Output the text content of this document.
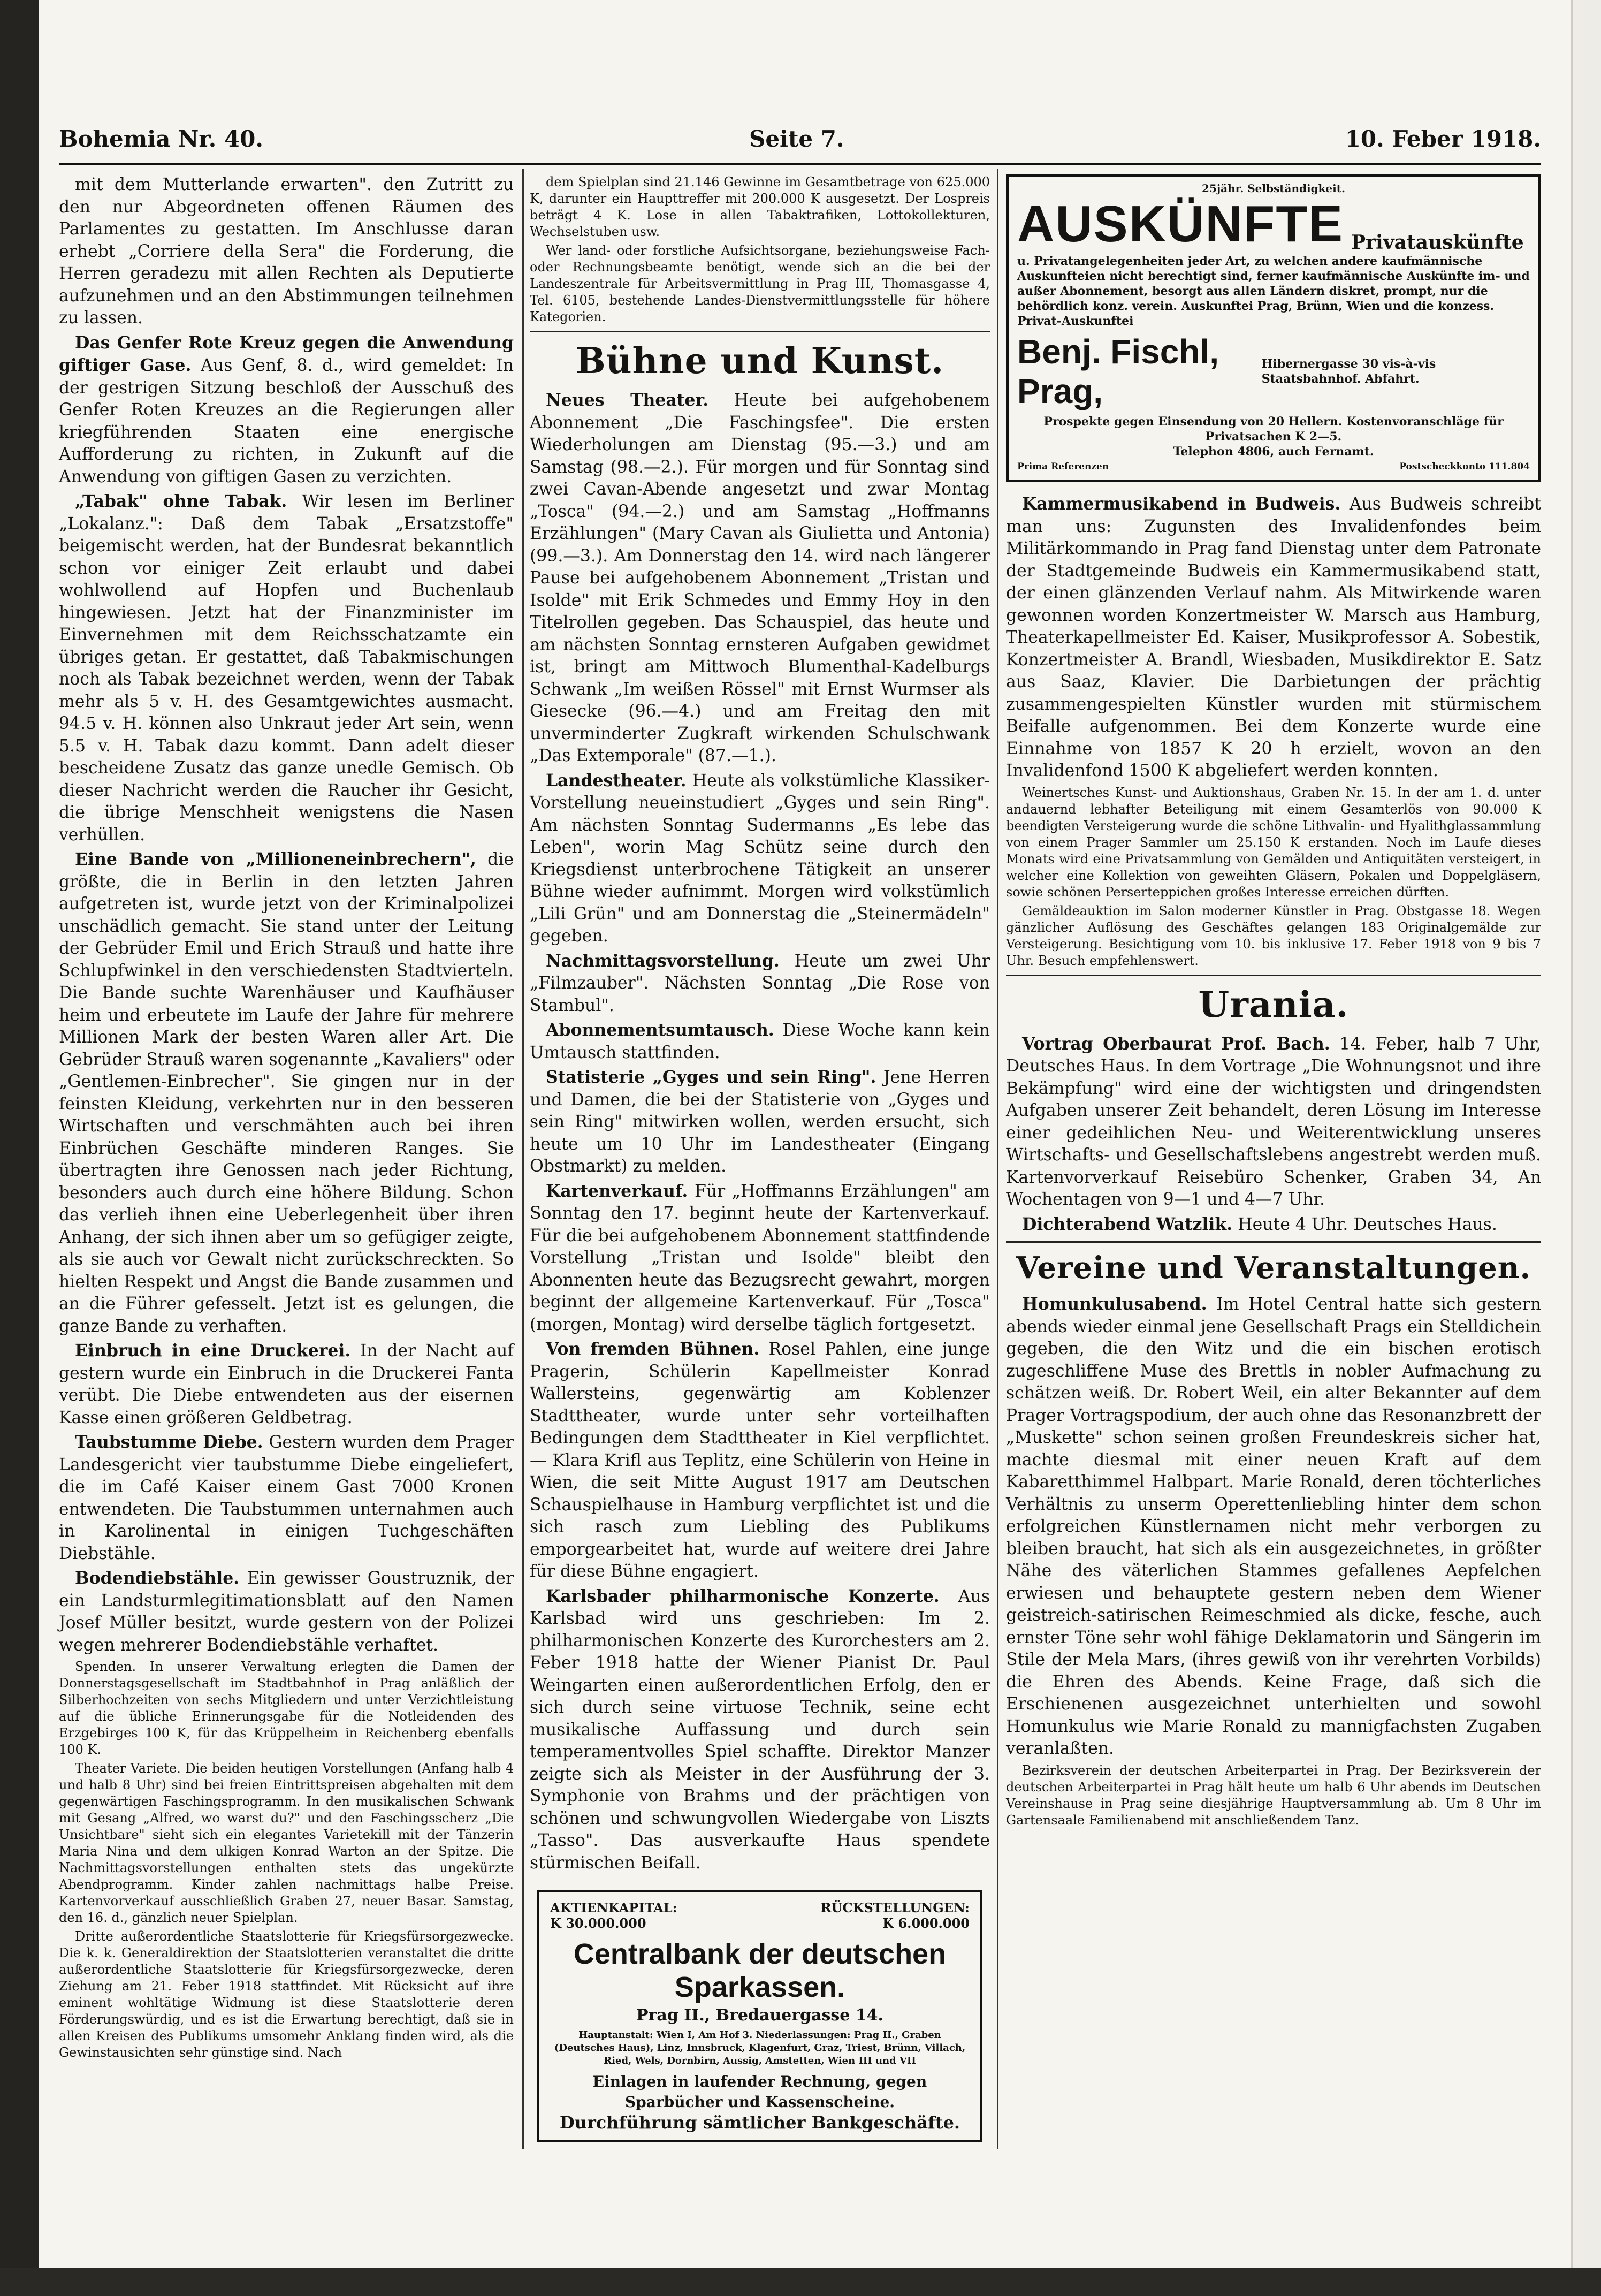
Bohemia Nr. 40.	Seite 7.	10. Feber 1918.

mit dem Mutterlande erwarten". den Zutritt zu den nur Abgeordneten offenen Räumen des Parlamentes zu gestatten. Im Anschlusse daran erhebt „Corriere della Sera" die Forderung, die Herren geradezu mit allen Rechten als Deputierte aufzunehmen und an den Abstimmungen teilnehmen zu lassen.

Das Genfer Rote Kreuz gegen die Anwendung giftiger Gase. Aus Genf, 8. d., wird gemeldet: In der gestrigen Sitzung beschloß der Ausschuß des Genfer Roten Kreuzes an die Regierungen aller kriegführenden Staaten eine energische Aufforderung zu richten, in Zukunft auf die Anwendung von giftigen Gasen zu verzichten.

„Tabak" ohne Tabak. Wir lesen im Berliner „Lokalanz.": Daß dem Tabak „Ersatzstoffe" beigemischt werden, hat der Bundesrat bekanntlich schon vor einiger Zeit erlaubt und dabei wohlwollend auf Hopfen und Buchenlaub hingewiesen. Jetzt hat der Finanzminister im Einvernehmen mit dem Reichsschatzamte ein übriges getan. Er gestattet, daß Tabakmischungen noch als Tabak bezeichnet werden, wenn der Tabak mehr als 5 v. H. des Gesamtgewichtes ausmacht. 94.5 v. H. können also Unkraut jeder Art sein, wenn 5.5 v. H. Tabak dazu kommt. Dann adelt dieser bescheidene Zusatz das ganze unedle Gemisch. Ob dieser Nachricht werden die Raucher ihr Gesicht, die übrige Menschheit wenigstens die Nasen verhüllen.

Eine Bande von „Millioneneinbrechern", die größte, die in Berlin in den letzten Jahren aufgetreten ist, wurde jetzt von der Kriminalpolizei unschädlich gemacht. Sie stand unter der Leitung der Gebrüder Emil und Erich Strauß und hatte ihre Schlupfwinkel in den verschiedensten Stadtvierteln. Die Bande suchte Warenhäuser und Kaufhäuser heim und erbeutete im Laufe der Jahre für mehrere Millionen Mark der besten Waren aller Art. Die Gebrüder Strauß waren sogenannte „Kavaliers" oder „Gentlemen-Einbrecher". Sie gingen nur in der feinsten Kleidung, verkehrten nur in den besseren Wirtschaften und verschmähten auch bei ihren Einbrüchen Geschäfte minderen Ranges. Sie übertragten ihre Genossen nach jeder Richtung, besonders auch durch eine höhere Bildung. Schon das verlieh ihnen eine Ueberlegenheit über ihren Anhang, der sich ihnen aber um so gefügiger zeigte, als sie auch vor Gewalt nicht zurückschreckten. So hielten Respekt und Angst die Bande zusammen und an die Führer gefesselt. Jetzt ist es gelungen, die ganze Bande zu verhaften.

Einbruch in eine Druckerei. In der Nacht auf gestern wurde ein Einbruch in die Druckerei Fanta verübt. Die Diebe entwendeten aus der eisernen Kasse einen größeren Geldbetrag.

Taubstumme Diebe. Gestern wurden dem Prager Landesgericht vier taubstumme Diebe eingeliefert, die im Café Kaiser einem Gast 7000 Kronen entwendeten. Die Taubstummen unternahmen auch in Karolinental in einigen Tuchgeschäften Diebstähle.

Bodendiebstähle. Ein gewisser Goustruznik, der ein Landsturmlegitimationsblatt auf den Namen Josef Müller besitzt, wurde gestern von der Polizei wegen mehrerer Bodendiebstähle verhaftet.

Spenden. In unserer Verwaltung erlegten die Damen der Donnerstagsgesellschaft im Stadtbahnhof in Prag anläßlich der Silberhochzeiten von sechs Mitgliedern und unter Verzichtleistung auf die übliche Erinnerungsgabe für die Notleidenden des Erzgebirges 100 K, für das Krüppelheim in Reichenberg ebenfalls 100 K.

Theater Variete. Die beiden heutigen Vorstellungen (Anfang halb 4 und halb 8 Uhr) sind bei freien Eintrittspreisen abgehalten mit dem gegenwärtigen Faschingsprogramm. In den musikalischen Schwank mit Gesang „Alfred, wo warst du?" und den Faschingsscherz „Die Unsichtbare" sieht sich ein elegantes Varietekill mit der Tänzerin Maria Nina und dem ulkigen Konrad Warton an der Spitze. Die Nachmittagsvorstellungen enthalten stets das ungekürzte Abendprogramm. Kinder zahlen nachmittags halbe Preise. Kartenvorverkauf ausschließlich Graben 27, neuer Basar. Samstag, den 16. d., gänzlich neuer Spielplan.

Dritte außerordentliche Staatslotterie für Kriegsfürsorgezwecke. Die k. k. Generaldirektion der Staatslotterien veranstaltet die dritte außerordentliche Staatslotterie für Kriegsfürsorgezwecke, deren Ziehung am 21. Feber 1918 stattfindet. Mit Rücksicht auf ihre eminent wohltätige Widmung ist diese Staatslotterie deren Förderungswürdig, und es ist die Erwartung berechtigt, daß sie in allen Kreisen des Publikums umsomehr Anklang finden wird, als die Gewinstausichten sehr günstige sind. Nach

dem Spielplan sind 21.146 Gewinne im Gesamtbetrage von 625.000 K, darunter ein Haupttreffer mit 200.000 K ausgesetzt. Der Lospreis beträgt 4 K. Lose in allen Tabaktrafiken, Lottokollekturen, Wechselstuben usw.

Wer land- oder forstliche Aufsichtsorgane, beziehungsweise Fach- oder Rechnungsbeamte benötigt, wende sich an die bei der Landeszentrale für Arbeitsvermittlung in Prag III, Thomasgasse 4, Tel. 6105, bestehende Landes-Dienstvermittlungsstelle für höhere Kategorien.

Bühne und Kunst.

Neues Theater. Heute bei aufgehobenem Abonnement „Die Faschingsfee". Die ersten Wiederholungen am Dienstag (95.—3.) und am Samstag (98.—2.). Für morgen und für Sonntag sind zwei Cavan-Abende angesetzt und zwar Montag „Tosca" (94.—2.) und am Samstag „Hoffmanns Erzählungen" (Mary Cavan als Giulietta und Antonia) (99.—3.). Am Donnerstag den 14. wird nach längerer Pause bei aufgehobenem Abonnement „Tristan und Isolde" mit Erik Schmedes und Emmy Hoy in den Titelrollen gegeben. Das Schauspiel, das heute und am nächsten Sonntag ernsteren Aufgaben gewidmet ist, bringt am Mittwoch Blumenthal-Kadelburgs Schwank „Im weißen Rössel" mit Ernst Wurmser als Giesecke (96.—4.) und am Freitag den mit unverminderter Zugkraft wirkenden Schulschwank „Das Extemporale" (87.—1.).

Landestheater. Heute als volkstümliche Klassiker-Vorstellung neueinstudiert „Gyges und sein Ring". Am nächsten Sonntag Sudermanns „Es lebe das Leben", worin Mag Schütz seine durch den Kriegsdienst unterbrochene Tätigkeit an unserer Bühne wieder aufnimmt. Morgen wird volkstümlich „Lili Grün" und am Donnerstag die „Steinermädeln" gegeben.

Nachmittagsvorstellung. Heute um zwei Uhr „Filmzauber". Nächsten Sonntag „Die Rose von Stambul".

Abonnementsumtausch. Diese Woche kann kein Umtausch stattfinden.

Statisterie „Gyges und sein Ring". Jene Herren und Damen, die bei der Statisterie von „Gyges und sein Ring" mitwirken wollen, werden ersucht, sich heute um 10 Uhr im Landestheater (Eingang Obstmarkt) zu melden.

Kartenverkauf. Für „Hoffmanns Erzählungen" am Sonntag den 17. beginnt heute der Kartenverkauf. Für die bei aufgehobenem Abonnement stattfindende Vorstellung „Tristan und Isolde" bleibt den Abonnenten heute das Bezugsrecht gewahrt, morgen beginnt der allgemeine Kartenverkauf. Für „Tosca" (morgen, Montag) wird derselbe täglich fortgesetzt.

Von fremden Bühnen. Rosel Pahlen, eine junge Pragerin, Schülerin Kapellmeister Konrad Wallersteins, gegenwärtig am Koblenzer Stadttheater, wurde unter sehr vorteilhaften Bedingungen dem Stadttheater in Kiel verpflichtet. — Klara Krifl aus Teplitz, eine Schülerin von Heine in Wien, die seit Mitte August 1917 am Deutschen Schauspielhause in Hamburg verpflichtet ist und die sich rasch zum Liebling des Publikums emporgearbeitet hat, wurde auf weitere drei Jahre für diese Bühne engagiert.

Karlsbader philharmonische Konzerte. Aus Karlsbad wird uns geschrieben: Im 2. philharmonischen Konzerte des Kurorchesters am 2. Feber 1918 hatte der Wiener Pianist Dr. Paul Weingarten einen außerordentlichen Erfolg, den er sich durch seine virtuose Technik, seine echt musikalische Auffassung und durch sein temperamentvolles Spiel schaffte. Direktor Manzer zeigte sich als Meister in der Ausführung der 3. Symphonie von Brahms und der prächtigen von schönen und schwungvollen Wiedergabe von Liszts „Tasso". Das ausverkaufte Haus spendete stürmischen Beifall.

AKTIENKAPITAL:	RÜCKSTELLUNGEN:
K 30.000.000	K 6.000.000
Centralbank der deutschen Sparkassen.
Prag II., Bredauergasse 14.
Hauptanstalt: Wien I, Am Hof 3. Niederlassungen: Prag II., Graben (Deutsches Haus), Linz, Innsbruck, Klagenfurt, Graz, Triest, Brünn, Villach, Ried, Wels, Dornbirn, Aussig, Amstetten, Wien III und VII
Einlagen in laufender Rechnung, gegen
Sparbücher und Kassenscheine.
Durchführung sämtlicher Bankgeschäfte.
25jähr. Selbständigkeit.
AUSKÜNFTE Privatauskünfte
u. Privatangelegenheiten jeder Art, zu welchen andere kaufmännische Auskunfteien nicht berechtigt sind, ferner kaufmännische Auskünfte im- und außer Abonnement, besorgt aus allen Ländern diskret, prompt, nur die behördlich konz. verein. Auskunftei Prag, Brünn, Wien und die konzess. Privat-Auskunftei
Benj. Fischl, Prag,
Hibernergasse 30 vis-à-vis Staatsbahnhof. Abfahrt.
Prospekte gegen Einsendung von 20 Hellern. Kostenvoranschläge für Privatsachen K 2—5.
Telephon 4806, auch Fernamt.
Prima Referenzen	Postscheckkonto 111.804

Kammermusikabend in Budweis. Aus Budweis schreibt man uns: Zugunsten des Invalidenfondes beim Militärkommando in Prag fand Dienstag unter dem Patronate der Stadtgemeinde Budweis ein Kammermusikabend statt, der einen glänzenden Verlauf nahm. Als Mitwirkende waren gewonnen worden Konzertmeister W. Marsch aus Hamburg, Theaterkapellmeister Ed. Kaiser, Musikprofessor A. Sobestik, Konzertmeister A. Brandl, Wiesbaden, Musikdirektor E. Satz aus Saaz, Klavier. Die Darbietungen der prächtig zusammengespielten Künstler wurden mit stürmischem Beifalle aufgenommen. Bei dem Konzerte wurde eine Einnahme von 1857 K 20 h erzielt, wovon an den Invalidenfond 1500 K abgeliefert werden konnten.

Weinertsches Kunst- und Auktionshaus, Graben Nr. 15. In der am 1. d. unter andauernd lebhafter Beteiligung mit einem Gesamterlös von 90.000 K beendigten Versteigerung wurde die schöne Lithvalin- und Hyalithglassammlung von einem Prager Sammler um 25.150 K erstanden. Noch im Laufe dieses Monats wird eine Privatsammlung von Gemälden und Antiquitäten versteigert, in welcher eine Kollektion von geweihten Gläsern, Pokalen und Doppelgläsern, sowie schönen Perserteppichen großes Interesse erreichen dürften.

Gemäldeauktion im Salon moderner Künstler in Prag. Obstgasse 18. Wegen gänzlicher Auflösung des Geschäftes gelangen 183 Originalgemälde zur Versteigerung. Besichtigung vom 10. bis inklusive 17. Feber 1918 von 9 bis 7 Uhr. Besuch empfehlenswert.

Urania.

Vortrag Oberbaurat Prof. Bach. 14. Feber, halb 7 Uhr, Deutsches Haus. In dem Vortrage „Die Wohnungsnot und ihre Bekämpfung" wird eine der wichtigsten und dringendsten Aufgaben unserer Zeit behandelt, deren Lösung im Interesse einer gedeihlichen Neu- und Weiterentwicklung unseres Wirtschafts- und Gesellschaftslebens angestrebt werden muß. Kartenvorverkauf Reisebüro Schenker, Graben 34, An Wochentagen von 9—1 und 4—7 Uhr.

Dichterabend Watzlik. Heute 4 Uhr. Deutsches Haus.

Vereine und Veranstaltungen.

Homunkulusabend. Im Hotel Central hatte sich gestern abends wieder einmal jene Gesellschaft Prags ein Stelldichein gegeben, die den Witz und die ein bischen erotisch zugeschliffene Muse des Brettls in nobler Aufmachung zu schätzen weiß. Dr. Robert Weil, ein alter Bekannter auf dem Prager Vortragspodium, der auch ohne das Resonanzbrett der „Muskette" schon seinen großen Freundeskreis sicher hat, machte diesmal mit einer neuen Kraft auf dem Kabaretthimmel Halbpart. Marie Ronald, deren töchterliches Verhältnis zu unserm Operettenliebling hinter dem schon erfolgreichen Künstlernamen nicht mehr verborgen zu bleiben braucht, hat sich als ein ausgezeichnetes, in größter Nähe des väterlichen Stammes gefallenes Aepfelchen erwiesen und behauptete gestern neben dem Wiener geistreich-satirischen Reimeschmied als dicke, fesche, auch ernster Töne sehr wohl fähige Deklamatorin und Sängerin im Stile der Mela Mars, (ihres gewiß von ihr verehrten Vorbilds) die Ehren des Abends. Keine Frage, daß sich die Erschienenen ausgezeichnet unterhielten und sowohl Homunkulus wie Marie Ronald zu mannigfachsten Zugaben veranlaßten.

Bezirksverein der deutschen Arbeiterpartei in Prag. Der Bezirksverein der deutschen Arbeiterpartei in Prag hält heute um halb 6 Uhr abends im Deutschen Vereinshause in Prag seine diesjährige Hauptversammlung ab. Um 8 Uhr im Gartensaale Familienabend mit anschließendem Tanz.
